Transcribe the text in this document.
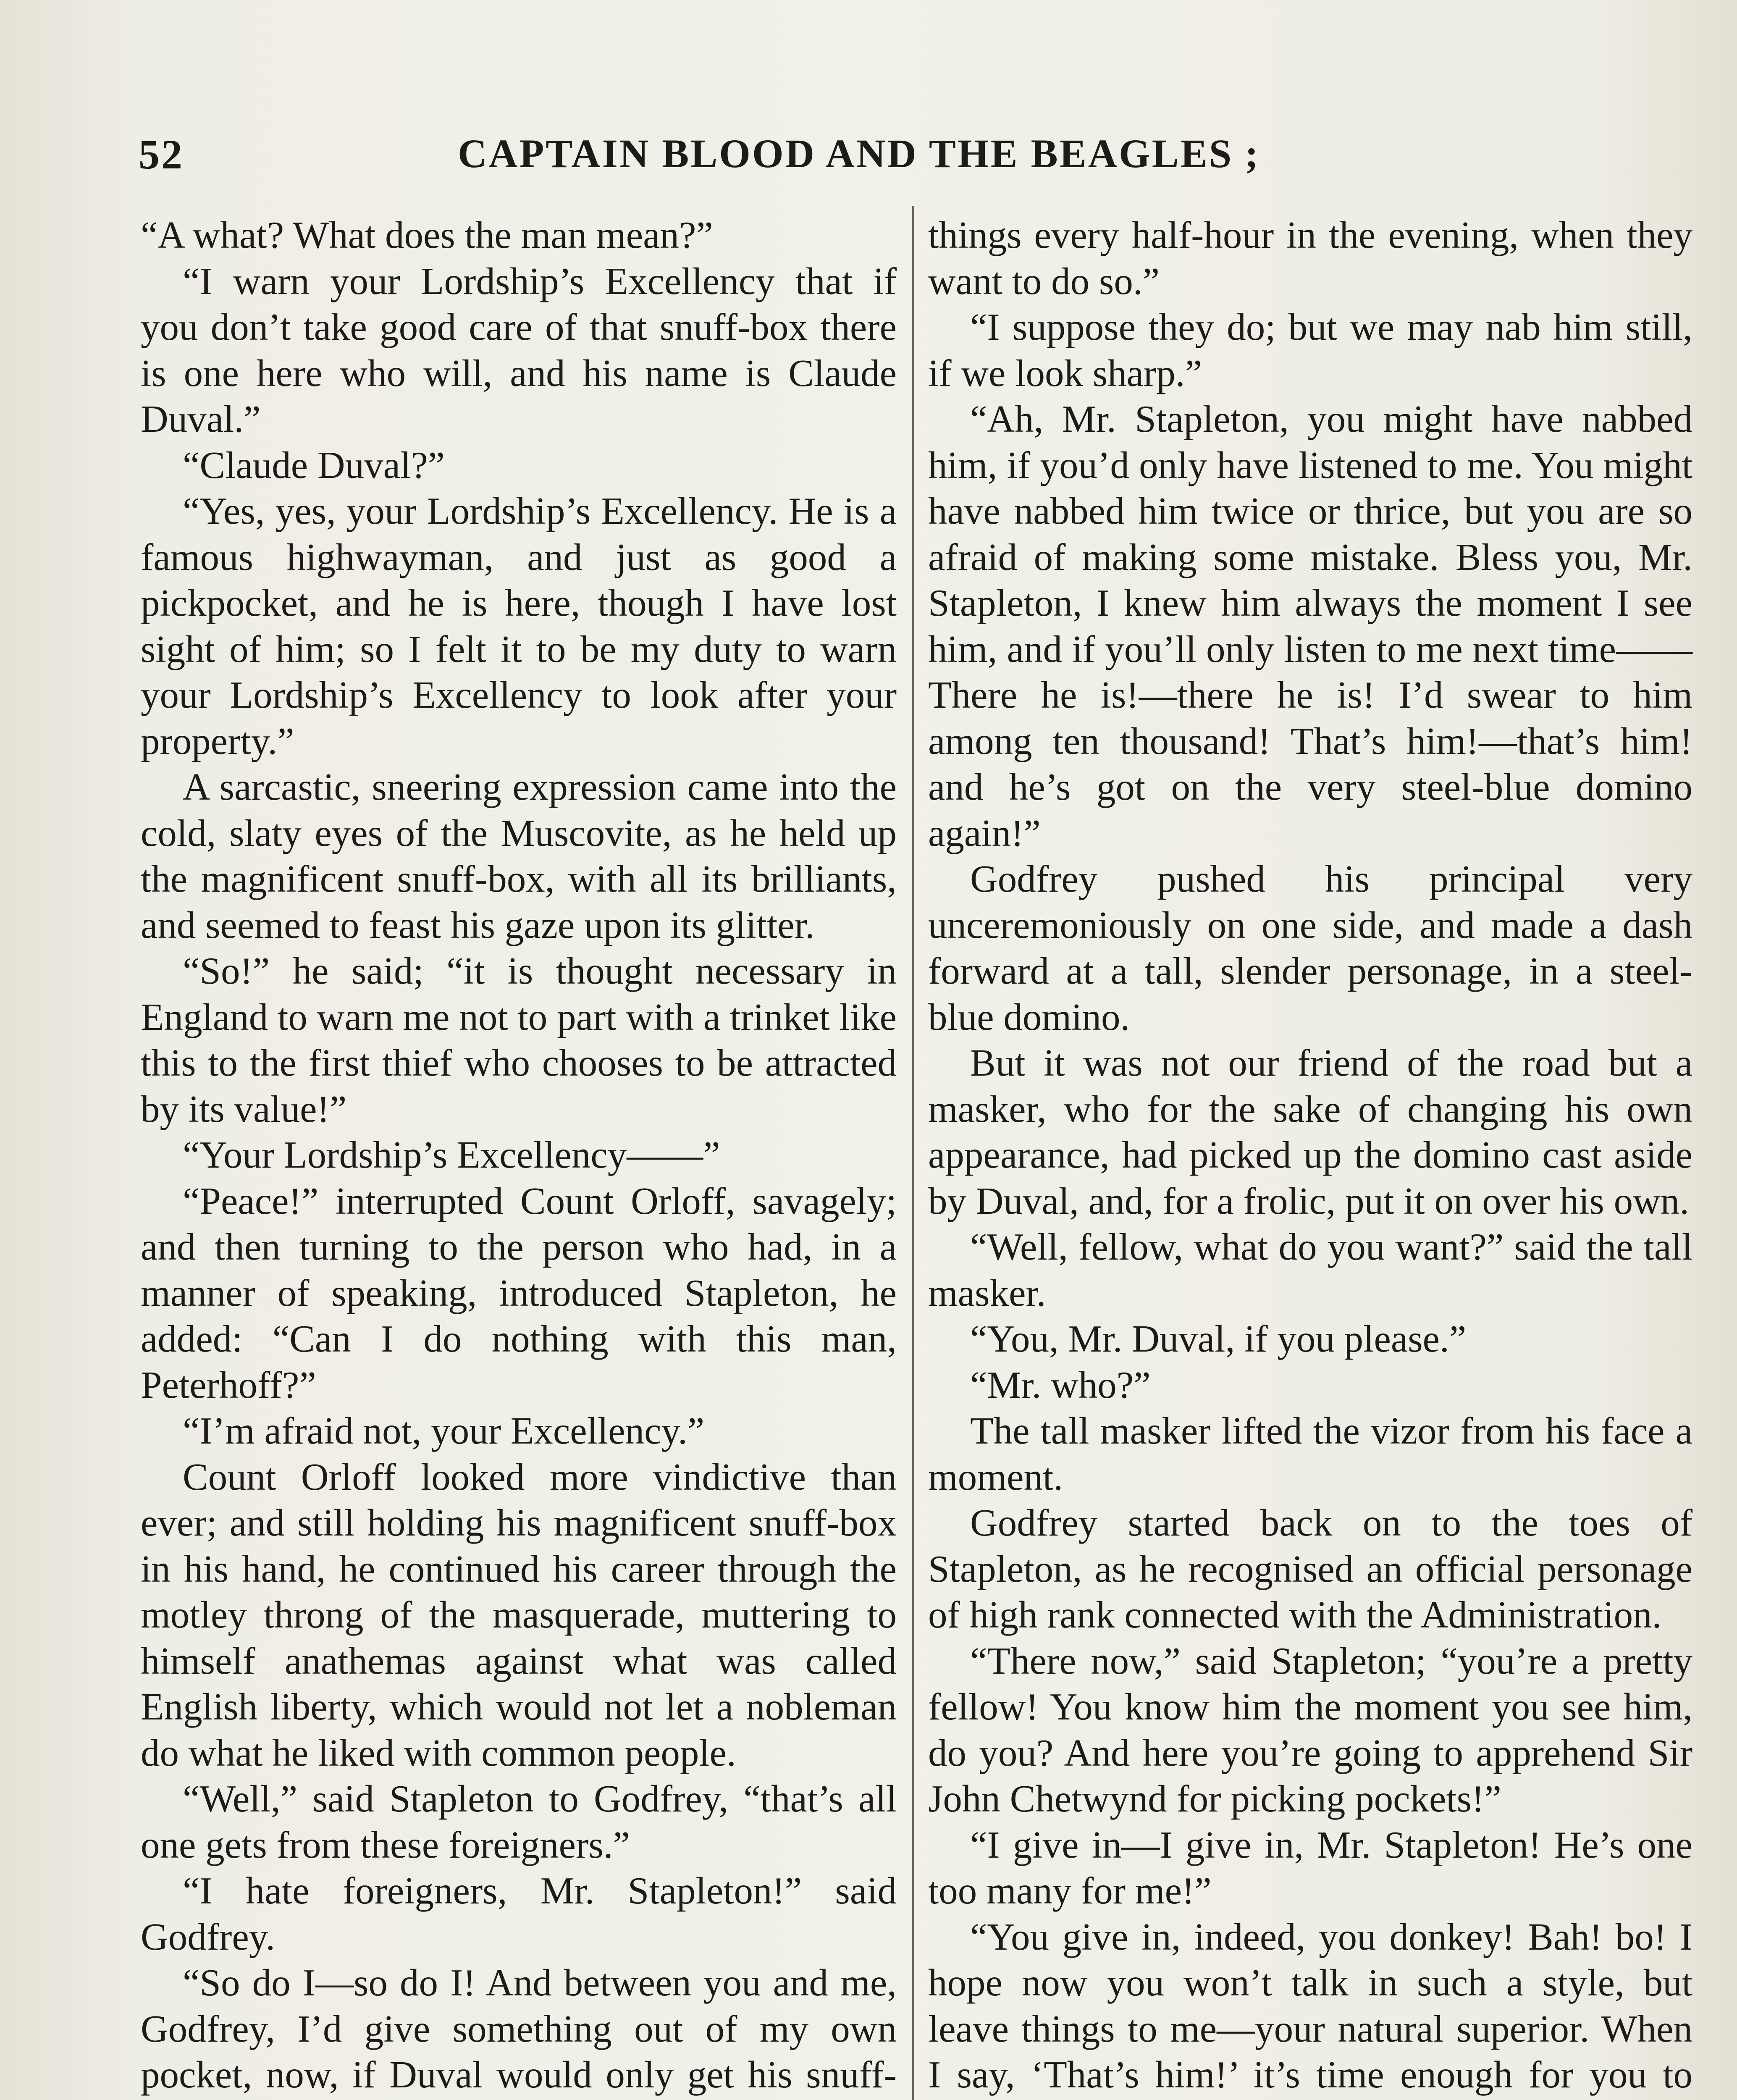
52	CAPTAIN BLOOD AND THE BEAGLES ;

“A what? What does the man mean?”

“I warn your Lordship’s Excellency that if you don’t take good care of that snuff-box there is one here who will, and his name is Claude Duval.”

“Claude Duval?”

“Yes, yes, your Lordship’s Excellency. He is a famous highwayman, and just as good a pickpocket, and he is here, though I have lost sight of him; so I felt it to be my duty to warn your Lordship’s Excellency to look after your property.”

A sarcastic, sneering expression came into the cold, slaty eyes of the Muscovite, as he held up the magnificent snuff-box, with all its brilliants, and seemed to feast his gaze upon its glitter.

“So!” he said; “it is thought necessary in England to warn me not to part with a trinket like this to the first thief who chooses to be attracted by its value!”

“Your Lordship’s Excellency——”

“Peace!” interrupted Count Orloff, savagely; and then turning to the person who had, in a manner of speaking, introduced Stapleton, he added: “Can I do nothing with this man, Peterhoff?”

“I’m afraid not, your Excellency.”

Count Orloff looked more vindictive than ever; and still holding his magnificent snuff-box in his hand, he continued his career through the motley throng of the masquerade, muttering to himself anathemas against what was called English liberty, which would not let a nobleman do what he liked with common people.

“Well,” said Stapleton to Godfrey, “that’s all one gets from these foreigners.”

“I hate foreigners, Mr. Stapleton!” said Godfrey.

“So do I—so do I! And between you and me, Godfrey, I’d give something out of my own pocket, now, if Duval would only get his snuff-

things every half-hour in the evening, when they want to do so.”

“I suppose they do; but we may nab him still, if we look sharp.”

“Ah, Mr. Stapleton, you might have nabbed him, if you’d only have listened to me. You might have nabbed him twice or thrice, but you are so afraid of making some mistake. Bless you, Mr. Stapleton, I knew him always the moment I see him, and if you’ll only listen to me next time—— There he is!—there he is! I’d swear to him among ten thousand! That’s him!—that’s him! and he’s got on the very steel-blue domino again!”

Godfrey pushed his principal very unceremoniously on one side, and made a dash forward at a tall, slender personage, in a steel-blue domino.

But it was not our friend of the road but a masker, who for the sake of changing his own appearance, had picked up the domino cast aside by Duval, and, for a frolic, put it on over his own.

“Well, fellow, what do you want?” said the tall masker.

“You, Mr. Duval, if you please.”

“Mr. who?”

The tall masker lifted the vizor from his face a moment.

Godfrey started back on to the toes of Stapleton, as he recognised an official personage of high rank connected with the Administration.

“There now,” said Stapleton; “you’re a pretty fellow! You know him the moment you see him, do you? And here you’re going to apprehend Sir John Chetwynd for picking pockets!”

“I give in—I give in, Mr. Stapleton! He’s one too many for me!”

“You give in, indeed, you donkey! Bah! bo! I hope now you won’t talk in such a style, but leave things to me—your natural superior. When I say, ‘That’s him!’ it’s time enough for you to
